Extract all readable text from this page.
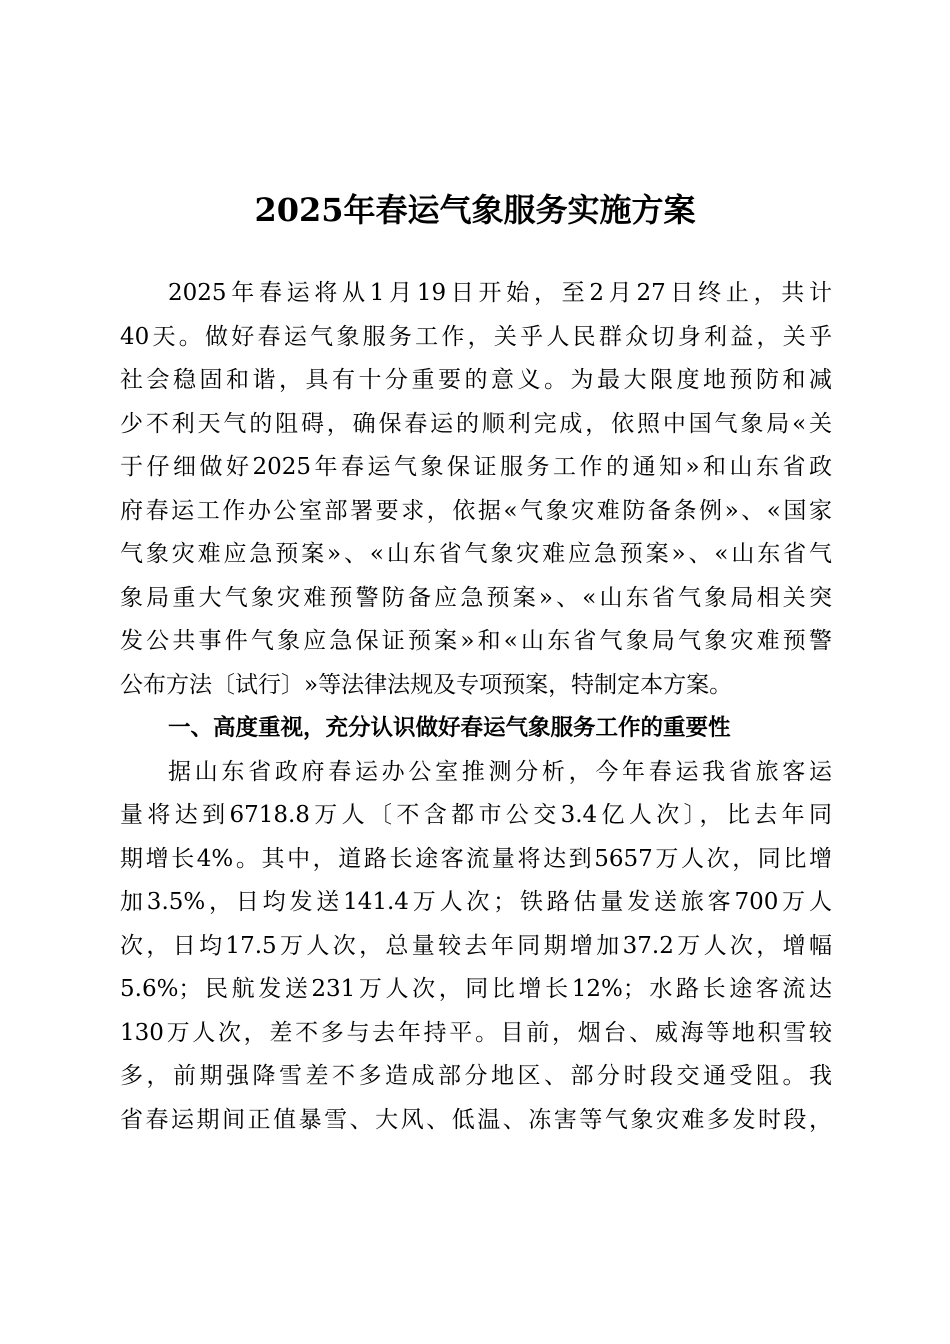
2025年春运气象服务实施方案
2025年春运将从1月19日开始，至2月27日终止，共计
40天。做好春运气象服务工作，关乎人民群众切身利益，关乎
社会稳固和谐，具有十分重要的意义。为最大限度地预防和减
少不利天气的阻碍，确保春运的顺利完成，依照中国气象局«关
于仔细做好2025年春运气象保证服务工作的通知»和山东省政
府春运工作办公室部署要求，依据«气象灾难防备条例»、«国家
气象灾难应急预案»、«山东省气象灾难应急预案»、«山东省气
象局重大气象灾难预警防备应急预案»、«山东省气象局相关突
发公共事件气象应急保证预案»和«山东省气象局气象灾难预警
公布方法〔试行〕»等法律法规及专项预案，特制定本方案。
一、高度重视，充分认识做好春运气象服务工作的重要性
据山东省政府春运办公室推测分析，今年春运我省旅客运
量将达到6718.8万人〔不含都市公交3.4亿人次〕，比去年同
期增长4%。其中，道路长途客流量将达到5657万人次，同比增
加3.5%，日均发送141.4万人次；铁路估量发送旅客700万人
次，日均17.5万人次，总量较去年同期增加37.2万人次，增幅
5.6%；民航发送231万人次，同比增长12%；水路长途客流达
130万人次，差不多与去年持平。目前，烟台、威海等地积雪较
多，前期强降雪差不多造成部分地区、部分时段交通受阻。我
省春运期间正值暴雪、大风、低温、冻害等气象灾难多发时段，
